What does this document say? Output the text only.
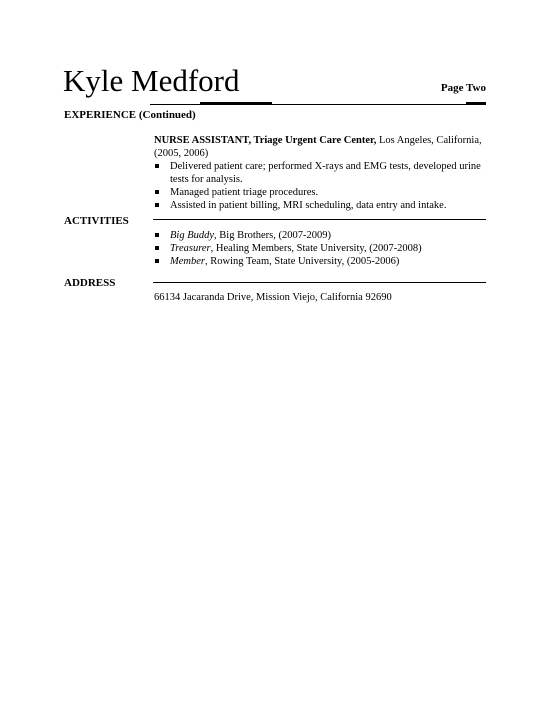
Kyle Medford	Page Two
EXPERIENCE (Continued)
NURSE ASSISTANT, Triage Urgent Care Center, Los Angeles, California, (2005, 2006)
Delivered patient care; performed X-rays and EMG tests, developed urine tests for analysis.
Managed patient triage procedures.
Assisted in patient billing, MRI scheduling, data entry and intake.
ACTIVITIES
Big Buddy, Big Brothers, (2007-2009)
Treasurer, Healing Members, State University, (2007-2008)
Member, Rowing Team, State University, (2005-2006)
ADDRESS
66134 Jacaranda Drive, Mission Viejo, California 92690
